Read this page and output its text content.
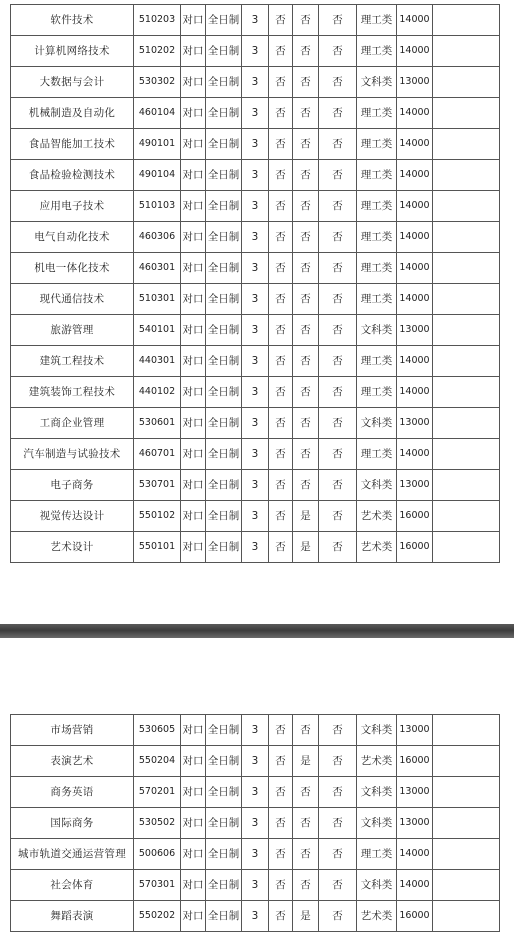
软件技术	510203	对口	全日制	3	否	否	否	理工类	14000	
计算机网络技术	510202	对口	全日制	3	否	否	否	理工类	14000	
大数据与会计	530302	对口	全日制	3	否	否	否	文科类	13000	
机械制造及自动化	460104	对口	全日制	3	否	否	否	理工类	14000	
食品智能加工技术	490101	对口	全日制	3	否	否	否	理工类	14000	
食品检验检测技术	490104	对口	全日制	3	否	否	否	理工类	14000	
应用电子技术	510103	对口	全日制	3	否	否	否	理工类	14000	
电气自动化技术	460306	对口	全日制	3	否	否	否	理工类	14000	
机电一体化技术	460301	对口	全日制	3	否	否	否	理工类	14000	
现代通信技术	510301	对口	全日制	3	否	否	否	理工类	14000	
旅游管理	540101	对口	全日制	3	否	否	否	文科类	13000	
建筑工程技术	440301	对口	全日制	3	否	否	否	理工类	14000	
建筑装饰工程技术	440102	对口	全日制	3	否	否	否	理工类	14000	
工商企业管理	530601	对口	全日制	3	否	否	否	文科类	13000	
汽车制造与试验技术	460701	对口	全日制	3	否	否	否	理工类	14000	
电子商务	530701	对口	全日制	3	否	否	否	文科类	13000	
视觉传达设计	550102	对口	全日制	3	否	是	否	艺术类	16000	
艺术设计	550101	对口	全日制	3	否	是	否	艺术类	16000	
市场营销	530605	对口	全日制	3	否	否	否	文科类	13000	
表演艺术	550204	对口	全日制	3	否	是	否	艺术类	16000	
商务英语	570201	对口	全日制	3	否	否	否	文科类	13000	
国际商务	530502	对口	全日制	3	否	否	否	文科类	13000	
城市轨道交通运营管理	500606	对口	全日制	3	否	否	否	理工类	14000	
社会体育	570301	对口	全日制	3	否	否	否	文科类	14000	
舞蹈表演	550202	对口	全日制	3	否	是	否	艺术类	16000	
